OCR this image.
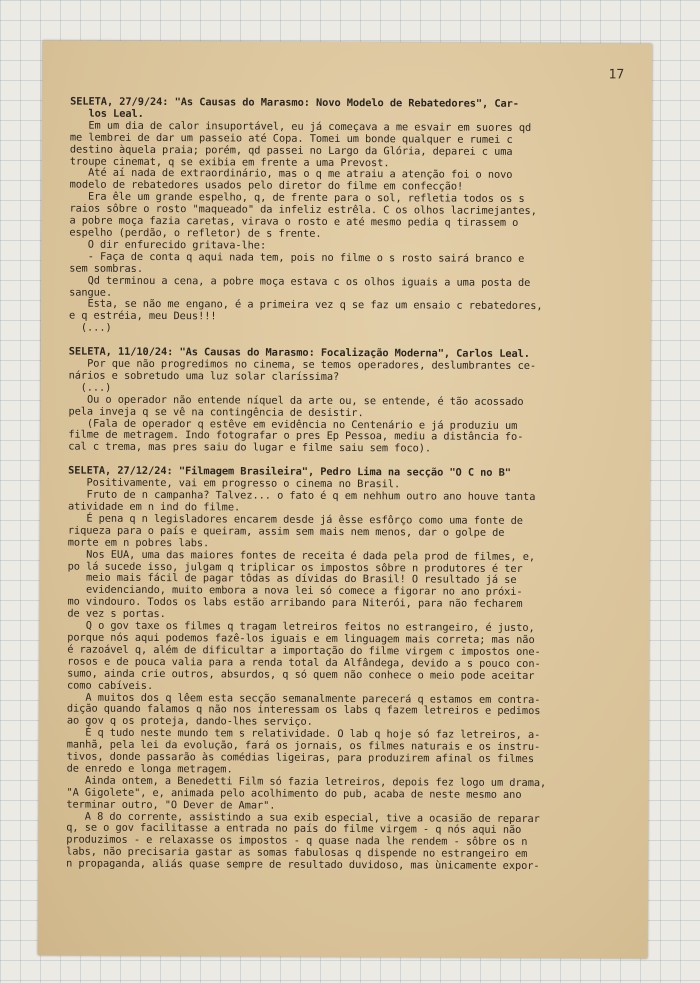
17

SELETA, 27/9/24: "As Causas do Marasmo: Novo Modelo de Rebatedores", Car-

los Leal.

Em um dia de calor insuportável, eu já começava a me esvair em suores qd

me lembrei de dar um passeio até Copa. Tomei um bonde qualquer e rumei c

destino àquela praia; porém, qd passei no Largo da Glória, deparei c uma

troupe cinemat, q se exibia em frente a uma Prevost.

Até aí nada de extraordinário, mas o q me atraiu a atenção foi o novo

modelo de rebatedores usados pelo diretor do filme em confecção!

Era êle um grande espelho, q, de frente para o sol, refletia todos os s

raios sôbre o rosto "maqueado" da infeliz estrêla. C os olhos lacrimejantes,

a pobre moça fazia caretas, virava o rosto e até mesmo pedia q tirassem o

espelho (perdão, o refletor) de s frente.

O dir enfurecido gritava-lhe:

- Faça de conta q aqui nada tem, pois no filme o s rosto sairá branco e

sem sombras.

Qd terminou a cena, a pobre moça estava c os olhos iguais a uma posta de

sangue.

Esta, se não me engano, é a primeira vez q se faz um ensaio c rebatedores,

e q estréia, meu Deus!!!

(...)

SELETA, 11/10/24: "As Causas do Marasmo: Focalização Moderna", Carlos Leal.

Por que não progredimos no cinema, se temos operadores, deslumbrantes ce-

nários e sobretudo uma luz solar claríssima?

(...)

Ou o operador não entende níquel da arte ou, se entende, é tão acossado

pela inveja q se vê na contingência de desistir.

(Fala de operador q estêve em evidência no Centenário e já produziu um

filme de metragem. Indo fotografar o pres Ep Pessoa, mediu a distância fo-

cal c trema, mas pres saiu do lugar e filme saiu sem foco).

SELETA, 27/12/24: "Filmagem Brasileira", Pedro Lima na secção "O C no B"

Positivamente, vai em progresso o cinema no Brasil.

Fruto de n campanha? Talvez... o fato é q em nehhum outro ano houve tanta

atividade em n ind do filme.

É pena q n legisladores encarem desde já êsse esfôrço como uma fonte de

riqueza para o país e queiram, assim sem mais nem menos, dar o golpe de

morte em n pobres labs.

Nos EUA, uma das maiores fontes de receita é dada pela prod de filmes, e,

po lá sucede isso, julgam q triplicar os impostos sôbre n produtores é ter

meio mais fácil de pagar tôdas as dívidas do Brasil! O resultado já se

evidenciando, muito embora a nova lei só comece a figorar no ano próxi-

mo vindouro. Todos os labs estão arribando para Niterói, para não fecharem

de vez s portas.

Q o gov taxe os filmes q tragam letreiros feitos no estrangeiro, é justo,

porque nós aqui podemos fazê-los iguais e em linguagem mais correta; mas não

é razoável q, além de dificultar a importação do filme virgem c impostos one-

rosos e de pouca valia para a renda total da Alfândega, devido a s pouco con-

sumo, ainda crie outros, absurdos, q só quem não conhece o meio pode aceitar

como cabíveis.

A muitos dos q lêem esta secção semanalmente parecerá q estamos em contra-

dição quando falamos q não nos interessam os labs q fazem letreiros e pedimos

ao gov q os proteja, dando-lhes serviço.

É q tudo neste mundo tem s relatividade. O lab q hoje só faz letreiros, a-

manhã, pela lei da evolução, fará os jornais, os filmes naturais e os instru-

tivos, donde passarão às comédias ligeiras, para produzirem afinal os filmes

de enredo e longa metragem.

Ainda ontem, a Benedetti Film só fazia letreiros, depois fez logo um drama,

"A Gigolete", e, animada pelo acolhimento do pub, acaba de neste mesmo ano

terminar outro, "O Dever de Amar".

A 8 do corrente, assistindo a sua exib especial, tive a ocasião de reparar

q, se o gov facilitasse a entrada no país do filme virgem - q nós aqui não

produzimos - e relaxasse os impostos - q quase nada lhe rendem - sôbre os n

labs, não precisaria gastar as somas fabulosas q dispende no estrangeiro em

n propaganda, aliás quase sempre de resultado duvidoso, mas ùnicamente expor-
